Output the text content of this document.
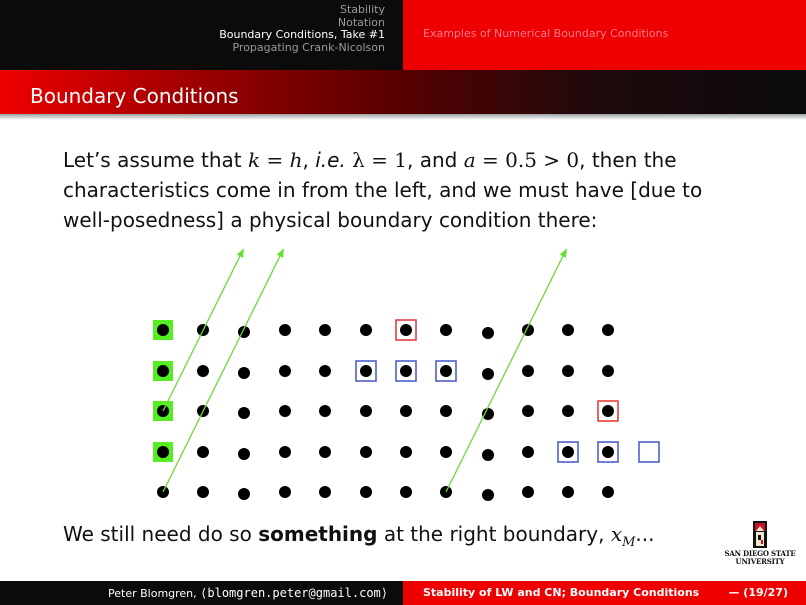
Stability
Notation
Boundary Conditions, Take #1
Propagating Crank-Nicolson
Examples of Numerical Boundary Conditions
Boundary Conditions
Let’s assume that k = h, i.e. λ = 1, and a = 0.5 > 0, then the characteristics come in from the left, and we must have [due to well-posedness] a physical boundary condition there:
We still need do so something at the right boundary, $x_M$...
SAN DIEGO STATE
UNIVERSITY
Peter Blomgren, ⟨blomgren.peter@gmail.com⟩	Stability of LW and CN; Boundary Conditions	— (19/27)
